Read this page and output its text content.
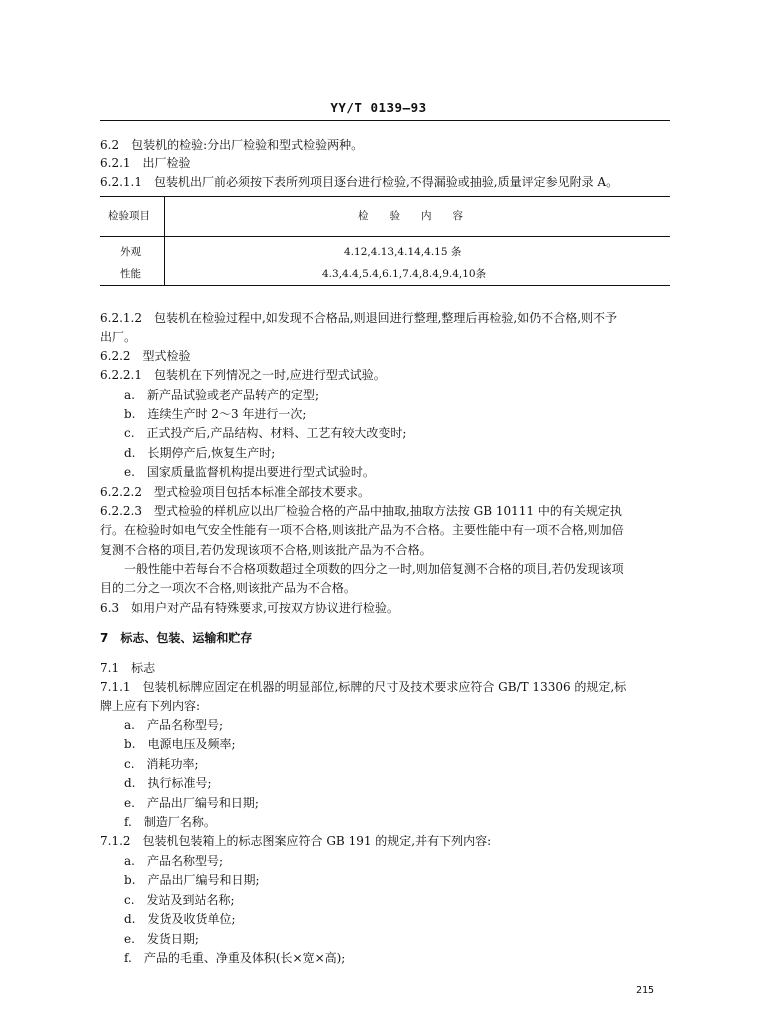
YY/T 0139—93
6.2　包装机的检验:分出厂检验和型式检验两种。
6.2.1　出厂检验
6.2.1.1　包装机出厂前必须按下表所列项目逐台进行检验,不得漏验或抽验,质量评定参见附录 A。
检验项目	检　　验　　内　　容
外观	4.12,4.13,4.14,4.15 条
性能	4.3,4.4,5.4,6.1,7.4,8.4,9.4,10条
6.2.1.2　包装机在检验过程中,如发现不合格品,则退回进行整理,整理后再检验,如仍不合格,则不予
出厂。
6.2.2　型式检验
6.2.2.1　包装机在下列情况之一时,应进行型式试验。
a.　新产品试验或老产品转产的定型;
b.　连续生产时 2～3 年进行一次;
c.　正式投产后,产品结构、材料、工艺有较大改变时;
d.　长期停产后,恢复生产时;
e.　国家质量监督机构提出要进行型式试验时。
6.2.2.2　型式检验项目包括本标准全部技术要求。
6.2.2.3　型式检验的样机应以出厂检验合格的产品中抽取,抽取方法按 GB 10111 中的有关规定执
行。在检验时如电气安全性能有一项不合格,则该批产品为不合格。主要性能中有一项不合格,则加倍
复测不合格的项目,若仍发现该项不合格,则该批产品为不合格。
一般性能中若每台不合格项数超过全项数的四分之一时,则加倍复测不合格的项目,若仍发现该项
目的二分之一项次不合格,则该批产品为不合格。
6.3　如用户对产品有特殊要求,可按双方协议进行检验。
7　标志、包装、运输和贮存
7.1　标志
7.1.1　包装机标牌应固定在机器的明显部位,标牌的尺寸及技术要求应符合 GB/T 13306 的规定,标
牌上应有下列内容:
a.　产品名称型号;
b.　电源电压及频率;
c.　消耗功率;
d.　执行标准号;
e.　产品出厂编号和日期;
f.　制造厂名称。
7.1.2　包装机包装箱上的标志图案应符合 GB 191 的规定,并有下列内容:
a.　产品名称型号;
b.　产品出厂编号和日期;
c.　发站及到站名称;
d.　发货及收货单位;
e.　发货日期;
f.　产品的毛重、净重及体积(长×宽×高);
215
